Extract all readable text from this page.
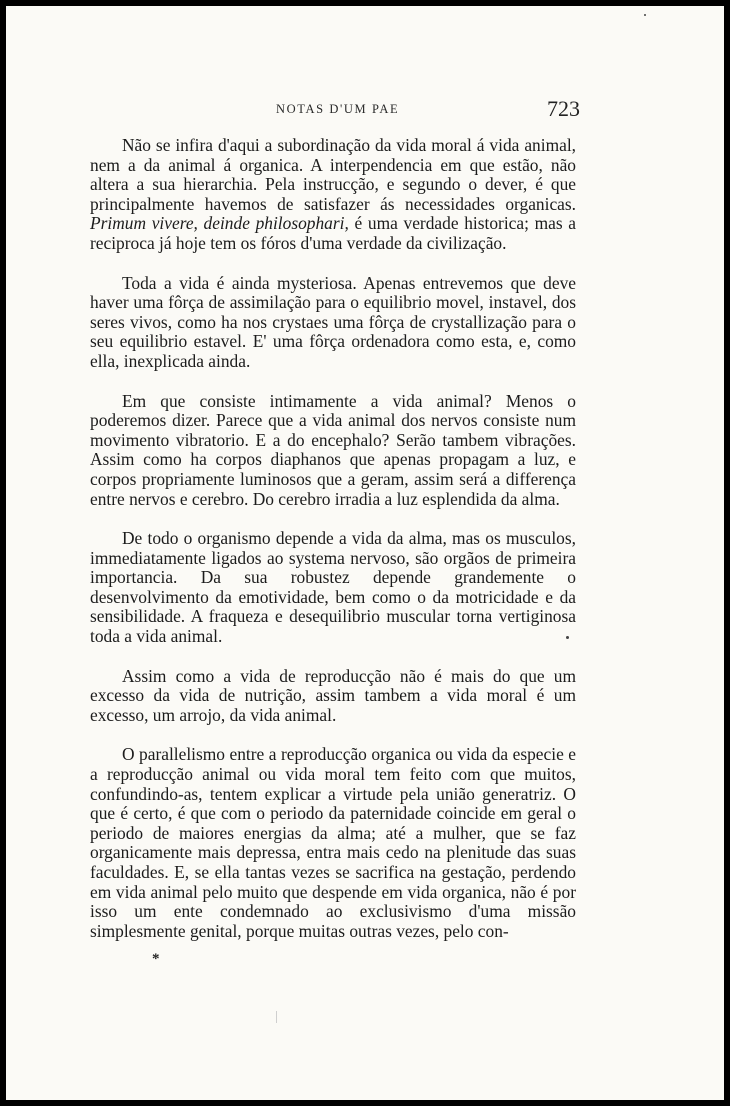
NOTAS D'UM PAE	723

Não se infira d'aqui a subordinação da vida moral á vida animal, nem a da animal á organica. A interpendencia em que estão, não altera a sua hierarchia. Pela instrucção, e segundo o dever, é que principalmente havemos de satisfazer ás necessidades organicas. Primum vivere, deinde philosophari, é uma verdade historica; mas a reciproca já hoje tem os fóros d'uma verdade da civilização.

Toda a vida é ainda mysteriosa. Apenas entrevemos que deve haver uma fôrça de assimilação para o equilibrio movel, instavel, dos seres vivos, como ha nos crystaes uma fôrça de crystallização para o seu equilibrio estavel. E' uma fôrça ordenadora como esta, e, como ella, inexplicada ainda.

Em que consiste intimamente a vida animal? Menos o poderemos dizer. Parece que a vida animal dos nervos consiste num movimento vibratorio. E a do encephalo? Serão tambem vibrações. Assim como ha corpos diaphanos que apenas propagam a luz, e corpos propriamente luminosos que a geram, assim será a differença entre nervos e cerebro. Do cerebro irradia a luz esplendida da alma.

De todo o organismo depende a vida da alma, mas os musculos, immediatamente ligados ao systema nervoso, são orgãos de primeira importancia. Da sua robustez depende grandemente o desenvolvimento da emotividade, bem como o da motricidade e da sensibilidade. A fraqueza e desequilibrio muscular torna vertiginosa toda a vida animal.

Assim como a vida de reproducção não é mais do que um excesso da vida de nutrição, assim tambem a vida moral é um excesso, um arrojo, da vida animal.

O parallelismo entre a reproducção organica ou vida da especie e a reproducção animal ou vida moral tem feito com que muitos, confundindo-as, tentem explicar a virtude pela união generatriz. O que é certo, é que com o periodo da paternidade coincide em geral o periodo de maiores energias da alma; até a mulher, que se faz organicamente mais depressa, entra mais cedo na plenitude das suas faculdades. E, se ella tantas vezes se sacrifica na gestação, perdendo em vida animal pelo muito que despende em vida organica, não é por isso um ente condemnado ao exclusivismo d'uma missão simplesmente genital, porque muitas outras vezes, pelo con-

*
